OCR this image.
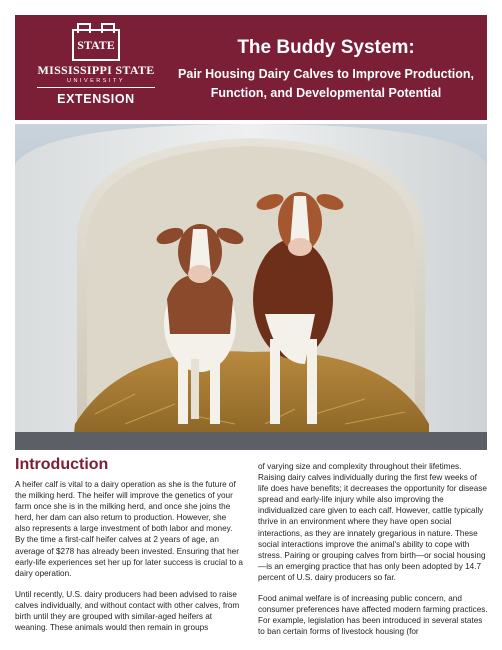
STATE
MISSISSIPPI STATE
UNIVERSITY
EXTENSION
The Buddy System:
Pair Housing Dairy Calves to Improve Production,
Function, and Developmental Potential
Introduction

A heifer calf is vital to a dairy operation as she is the future of the milking herd. The heifer will improve the genetics of your farm once she is in the milking herd, and once she joins the herd, her dam can also return to production. However, she also represents a large investment of both labor and money. By the time a first-calf heifer calves at 2 years of age, an average of $278 has already been invested. Ensuring that her early-life experiences set her up for later success is crucial to a dairy operation.

Until recently, U.S. dairy producers had been advised to raise calves individually, and without contact with other calves, from birth until they are grouped with similar-aged heifers at weaning. These animals would then remain in groups

of varying size and complexity throughout their lifetimes. Raising dairy calves individually during the first few weeks of life does have benefits; it decreases the opportunity for disease spread and early-life injury while also improving the individualized care given to each calf. However, cattle typically thrive in an environment where they have open social interactions, as they are innately gregarious in nature. These social interactions improve the animal's ability to cope with stress. Pairing or grouping calves from birth—or social housing—is an emerging practice that has only been adopted by 14.7 percent of U.S. dairy producers so far.

Food animal welfare is of increasing public concern, and consumer preferences have affected modern farming practices. For example, legislation has been introduced in several states to ban certain forms of livestock housing (for
